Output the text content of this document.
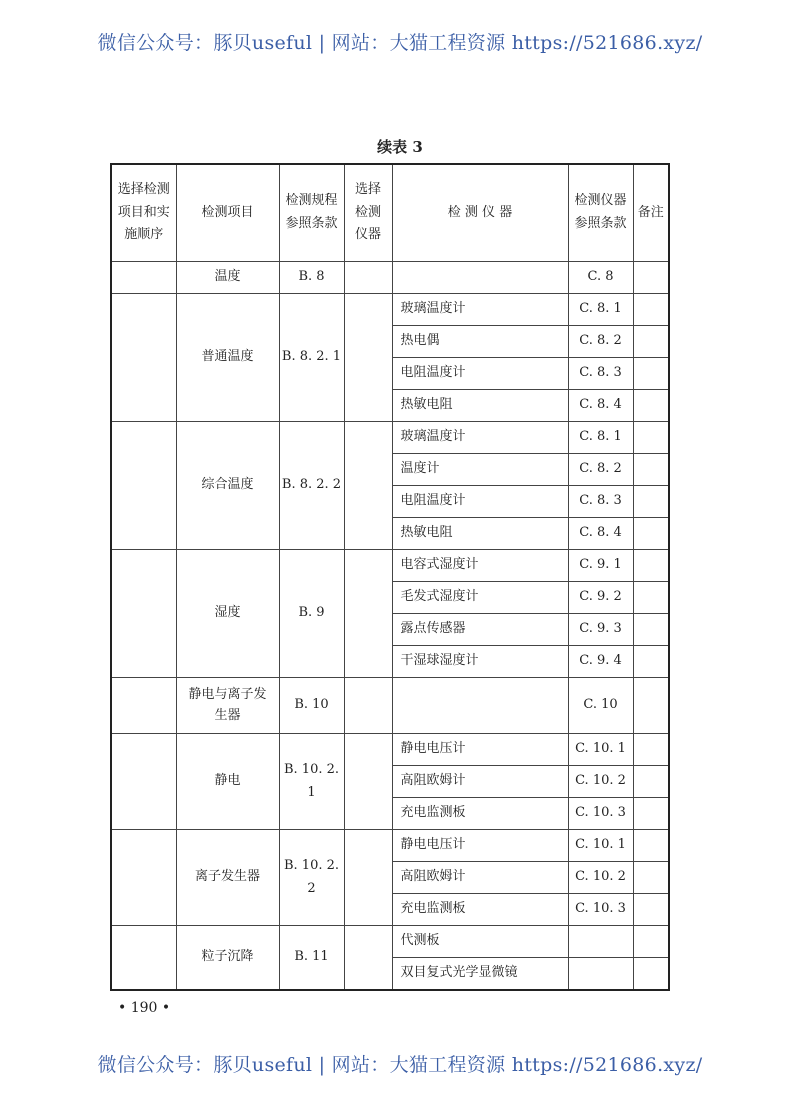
微信公众号：豚贝useful | 网站：大猫工程资源 https://521686.xyz/
续表 3
选择检测项目和实施顺序	检测项目	检测规程参照条款	选择检测仪器	检 测 仪 器	检测仪器参照条款	备注
	温度	B. 8			C. 8	
	普通温度	B. 8. 2. 1		玻璃温度计	C. 8. 1	
				热电偶	C. 8. 2	
				电阻温度计	C. 8. 3	
				热敏电阻	C. 8. 4	
	综合温度	B. 8. 2. 2		玻璃温度计	C. 8. 1	
				温度计	C. 8. 2	
				电阻温度计	C. 8. 3	
				热敏电阻	C. 8. 4	
	湿度	B. 9		电容式湿度计	C. 9. 1	
				毛发式湿度计	C. 9. 2	
				露点传感器	C. 9. 3	
				干湿球湿度计	C. 9. 4	
	静电与离子发生器	B. 10			C. 10	
	静电	B. 10. 2. 1		静电电压计	C. 10. 1	
				高阻欧姆计	C. 10. 2	
				充电监测板	C. 10. 3	
	离子发生器	B. 10. 2. 2		静电电压计	C. 10. 1	
				高阻欧姆计	C. 10. 2	
				充电监测板	C. 10. 3	
	粒子沉降	B. 11		代测板		
				双目复式光学显微镜		
微信公众号：豚贝useful | 网站：大猫工程资源 https://521686.xyz/
• 190 •
